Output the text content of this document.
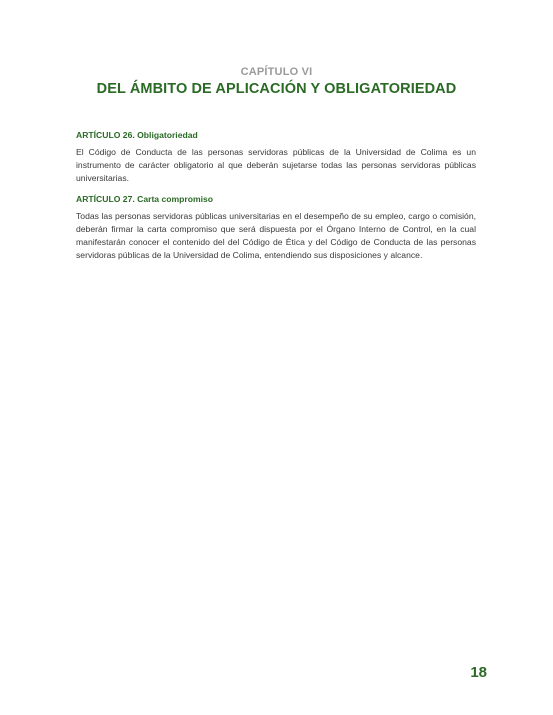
CAPÍTULO VI
DEL ÁMBITO DE APLICACIÓN Y OBLIGATORIEDAD

ARTÍCULO 26. Obligatoriedad

El Código de Conducta de las personas servidoras públicas de la Universidad de Colima es un instrumento de carácter obligatorio al que deberán sujetarse todas las personas servidoras públicas universitarias.

ARTÍCULO 27. Carta compromiso

Todas las personas servidoras públicas universitarias en el desempeño de su empleo, cargo o comisión, deberán firmar la carta compromiso que será dispuesta por el Órgano Interno de Control, en la cual manifestarán conocer el contenido del del Código de Ética y del Código de Conducta de las personas servidoras públicas de la Universidad de Colima, entendiendo sus disposiciones y alcance.

18
